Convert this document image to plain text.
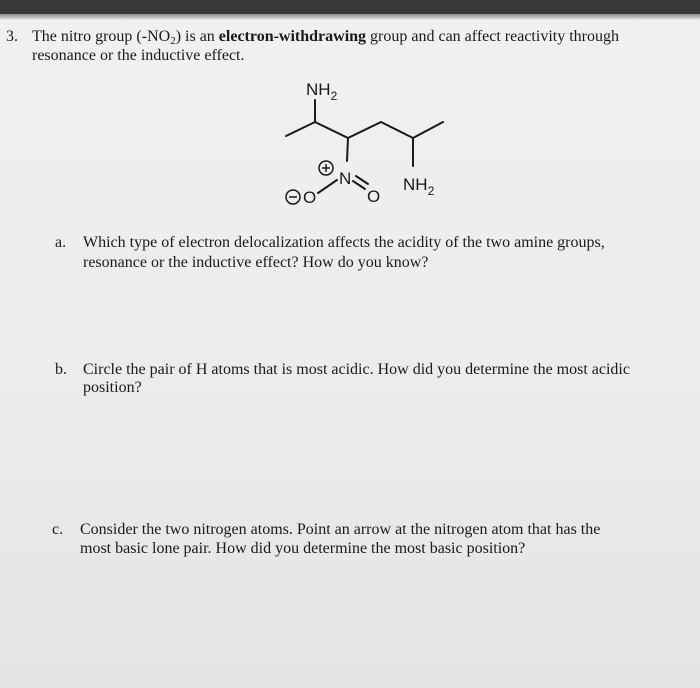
3. The nitro group (-NO2) is an electron-withdrawing group and can affect reactivity through
resonance or the inductive effect.
$NH_2$
$NH_2$
N
O
O
a. Which type of electron delocalization affects the acidity of the two amine groups,
resonance or the inductive effect? How do you know?
b. Circle the pair of H atoms that is most acidic. How did you determine the most acidic
position?
c. Consider the two nitrogen atoms. Point an arrow at the nitrogen atom that has the
most basic lone pair. How did you determine the most basic position?
